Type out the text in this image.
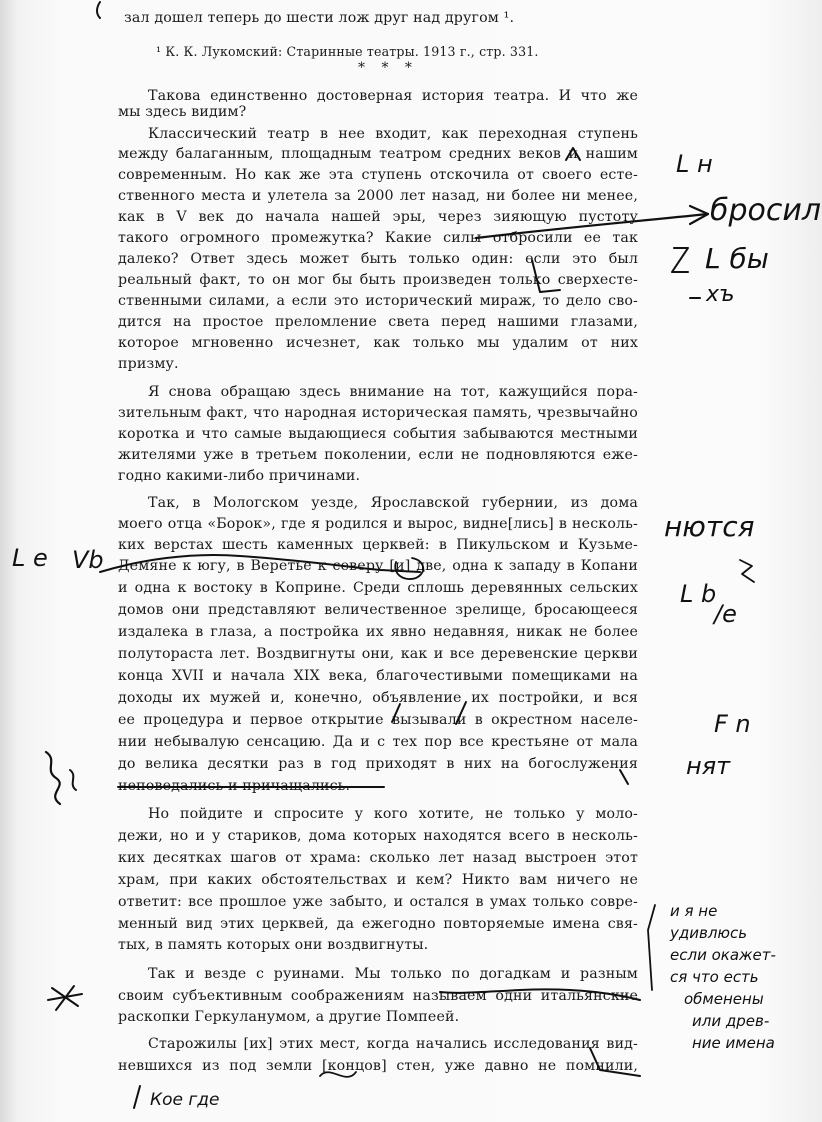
зал дошел теперь до шести лож друг над другом ¹.
¹ К. К. Лукомский: Старинные театры. 1913 г., стр. 331.
* * *
Такова единственно достоверная история театра. И что же
мы здесь видим?
Классический театр в нее входит, как переходная ступень
между балаганным, площадным театром средних веков и нашим
современным. Но как же эта ступень отскочила от своего есте-
ственного места и улетела за 2000 лет назад, ни более ни менее,
как в V век до начала нашей эры, через зияющую пустоту
такого огромного промежутка? Какие силы отбросили ее так
далеко? Ответ здесь может быть только один: если это был
реальный факт, то он мог бы быть произведен только сверхесте-
ственными силами, а если это исторический мираж, то дело сво-
дится на простое преломление света перед нашими глазами,
которое мгновенно исчезнет, как только мы удалим от них
призму.
Я снова обращаю здесь внимание на тот, кажущийся пора-
зительным факт, что народная историческая память, чрезвычайно
коротка и что самые выдающиеся события забываются местными
жителями уже в третьем поколении, если не подновляются еже-
годно какими-либо причинами.
Так, в Мологском уезде, Ярославской губернии, из дома
моего отца «Борок», где я родился и вырос, видне[лись] в несколь-
ких верстах шесть каменных церквей: в Пикульском и Кузьме-
Демяне к югу, в Веретье к северу [и] две, одна к западу в Копани
и одна к востоку в Коприне. Среди сплошь деревянных сельских
домов они представляют величественное зрелище, бросающееся
издалека в глаза, а постройка их явно недавняя, никак не более
полутораста лет. Воздвигнуты они, как и все деревенские церкви
конца XVII и начала XIX века, благочестивыми помещиками на
доходы их мужей и, конечно, объявление их постройки, и вся
ее процедура и первое открытие вызывали в окрестном населе-
нии небывалую сенсацию. Да и с тех пор все крестьяне от мала
до велика десятки раз в год приходят в них на богослужения
неповедались и причащались.
Но пойдите и спросите у кого хотите, не только у моло-
дежи, но и у стариков, дома которых находятся всего в несколь-
ких десятках шагов от храма: сколько лет назад выстроен этот
храм, при каких обстоятельствах и кем? Никто вам ничего не
ответит: все прошлое уже забыто, и остался в умах только совре-
менный вид этих церквей, да ежегодно повторяемые имена свя-
тых, в память которых они воздвигнуты.
Так и везде с руинами. Мы только по догадкам и разным
своим субъективным соображениям называем одни итальянские
раскопки Геркуланумом, а другие Помпеей.
Старожилы [их] этих мест, когда начались исследования вид-
невшихся из под земли [концов] стен, уже давно не помнили,
L н
бросил
L бы
хъ
L e Vb
нются
L b
/e
F n
нят
и я не
удивлюсь
если окажет-
ся что есть
обменены
или древ-
ние имена
Кое где
